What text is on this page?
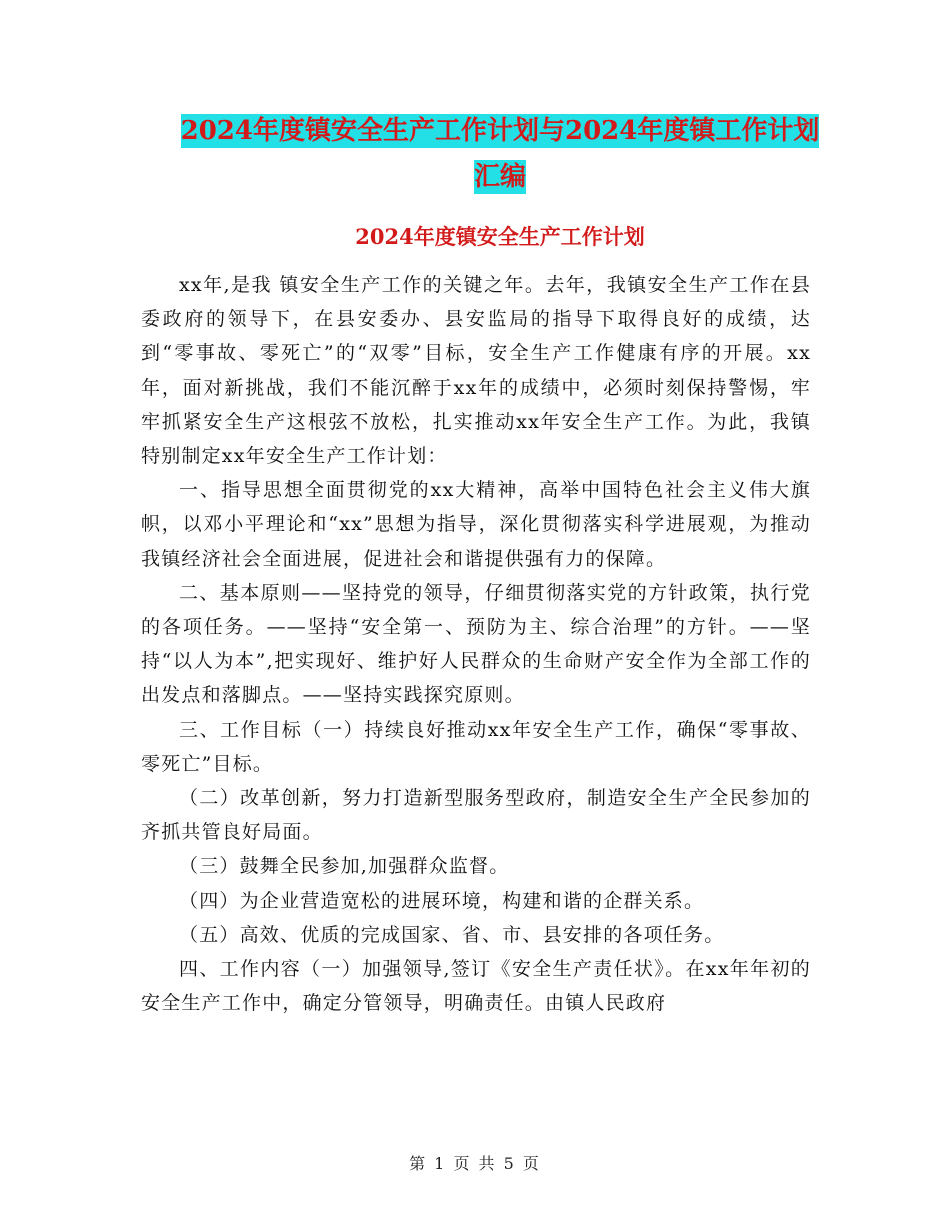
2024年度镇安全生产工作计划与2024年度镇工作计划
汇编
2024年度镇安全生产工作计划

xx年,是我 镇安全生产工作的关键之年。去年，我镇安全生产工作在县委政府的领导下，在县安委办、县安监局的指导下取得良好的成绩，达到“零事故、零死亡”的“双零”目标，安全生产工作健康有序的开展。xx年，面对新挑战，我们不能沉醉于xx年的成绩中，必须时刻保持警惕，牢牢抓紧安全生产这根弦不放松，扎实推动xx年安全生产工作。为此，我镇特别制定xx年安全生产工作计划：

一、指导思想全面贯彻党的xx大精神，高举中国特色社会主义伟大旗帜，以邓小平理论和“xx”思想为指导，深化贯彻落实科学进展观，为推动我镇经济社会全面进展，促进社会和谐提供强有力的保障。

二、基本原则——坚持党的领导，仔细贯彻落实党的方针政策，执行党的各项任务。——坚持“安全第一、预防为主、综合治理”的方针。——坚持“以人为本”,把实现好、维护好人民群众的生命财产安全作为全部工作的出发点和落脚点。——坚持实践探究原则。

三、工作目标（一）持续良好推动xx年安全生产工作，确保“零事故、零死亡”目标。

（二）改革创新，努力打造新型服务型政府，制造安全生产全民参加的齐抓共管良好局面。

（三）鼓舞全民参加,加强群众监督。

（四）为企业营造宽松的进展环境，构建和谐的企群关系。

（五）高效、优质的完成国家、省、市、县安排的各项任务。

四、工作内容（一）加强领导,签订《安全生产责任状》。在xx年年初的安全生产工作中，确定分管领导，明确责任。由镇人民政府

第 1 页 共 5 页
